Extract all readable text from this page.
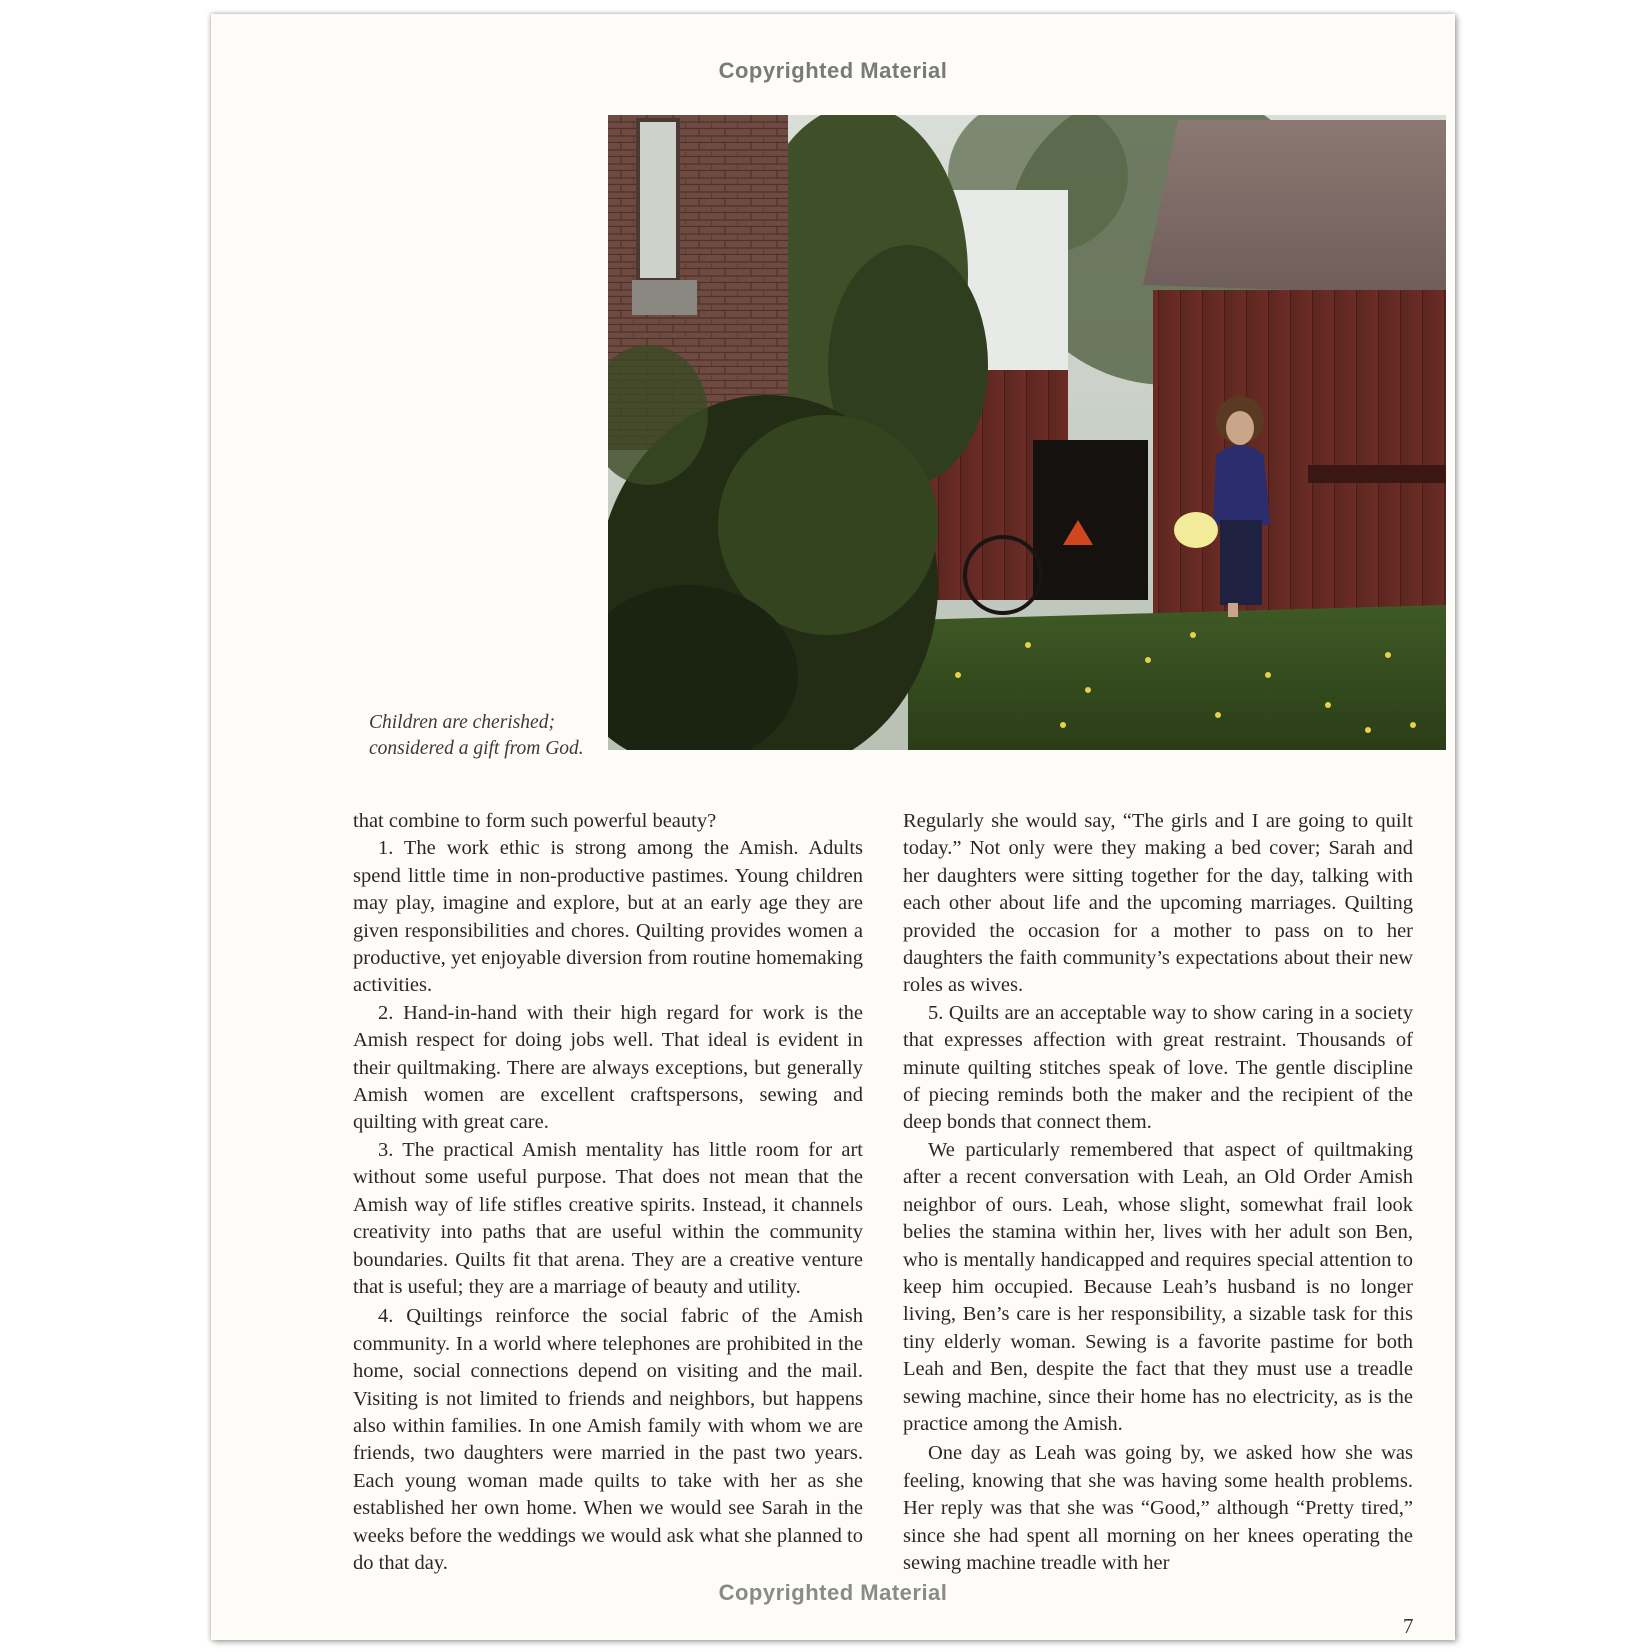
Copyrighted Material
Children are cherished;
considered a gift from God.

that combine to form such powerful beauty?

1. The work ethic is strong among the Amish. Adults spend little time in non-productive pastimes. Young children may play, imagine and explore, but at an early age they are given responsibilities and chores. Quilting provides women a productive, yet enjoyable diversion from routine homemaking activities.

2. Hand-in-hand with their high regard for work is the Amish respect for doing jobs well. That ideal is evident in their quiltmaking. There are always exceptions, but generally Amish women are excellent craftspersons, sewing and quilting with great care.

3. The practical Amish mentality has little room for art without some useful purpose. That does not mean that the Amish way of life stifles creative spirits. Instead, it channels creativity into paths that are useful within the community boundaries. Quilts fit that arena. They are a creative venture that is useful; they are a marriage of beauty and utility.

4. Quiltings reinforce the social fabric of the Amish community. In a world where telephones are prohibited in the home, social connections depend on visiting and the mail. Visiting is not limited to friends and neighbors, but happens also within families. In one Amish family with whom we are friends, two daughters were married in the past two years. Each young woman made quilts to take with her as she established her own home. When we would see Sarah in the weeks before the weddings we would ask what she planned to do that day.

Regularly she would say, “The girls and I are going to quilt today.” Not only were they making a bed cover; Sarah and her daughters were sitting together for the day, talking with each other about life and the upcoming marriages. Quilting provided the occasion for a mother to pass on to her daughters the faith community’s expectations about their new roles as wives.

5. Quilts are an acceptable way to show caring in a society that expresses affection with great restraint. Thousands of minute quilting stitches speak of love. The gentle discipline of piecing reminds both the maker and the recipient of the deep bonds that connect them.

We particularly remembered that aspect of quiltmaking after a recent conversation with Leah, an Old Order Amish neighbor of ours. Leah, whose slight, somewhat frail look belies the stamina within her, lives with her adult son Ben, who is mentally handicapped and requires special attention to keep him occupied. Because Leah’s husband is no longer living, Ben’s care is her responsibility, a sizable task for this tiny elderly woman. Sewing is a favorite pastime for both Leah and Ben, despite the fact that they must use a treadle sewing machine, since their home has no electricity, as is the practice among the Amish.

One day as Leah was going by, we asked how she was feeling, knowing that she was having some health problems. Her reply was that she was “Good,” although “Pretty tired,” since she had spent all morning on her knees operating the sewing machine treadle with her

Copyrighted Material
7
